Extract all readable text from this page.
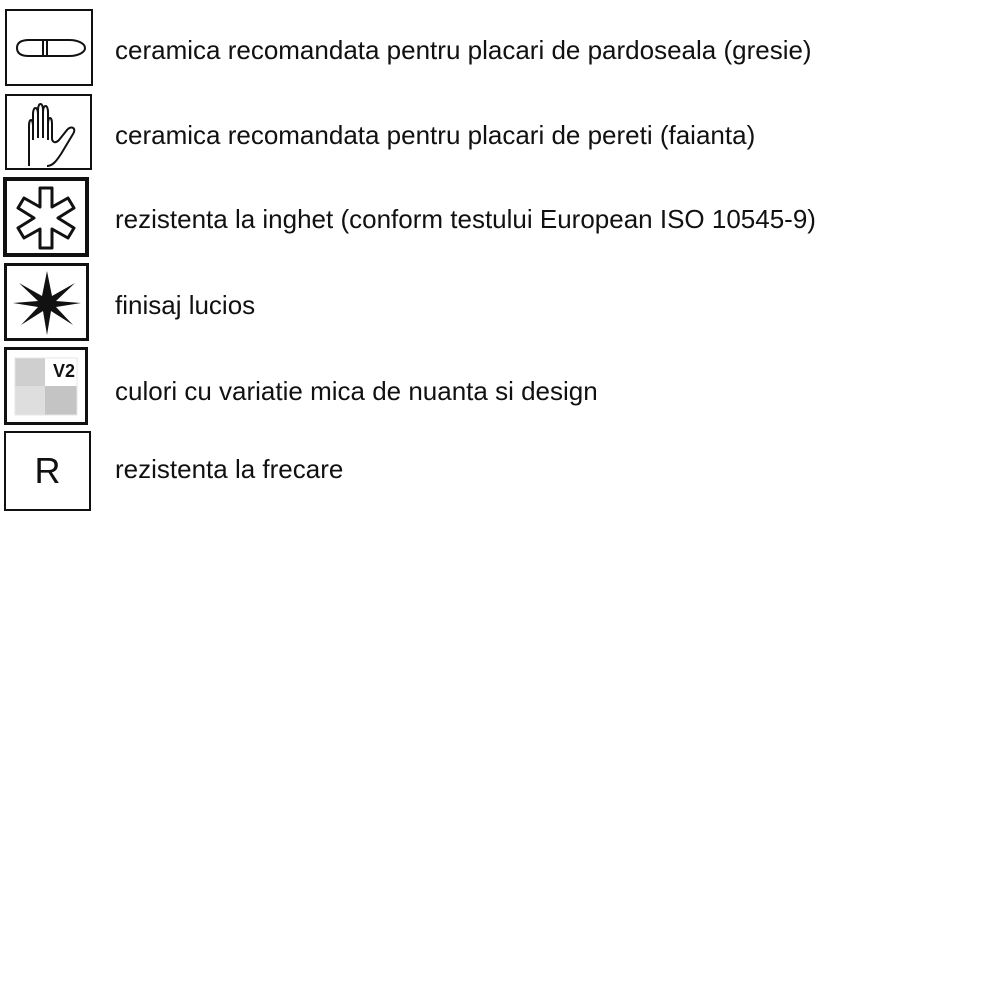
ceramica recomandata pentru placari de pardoseala (gresie)
ceramica recomandata pentru placari de pereti (faianta)
rezistenta la inghet (conform testului European ISO 10545-9)
finisaj lucios
V2
culori cu variatie mica de nuanta si design
R	rezistenta la frecare
